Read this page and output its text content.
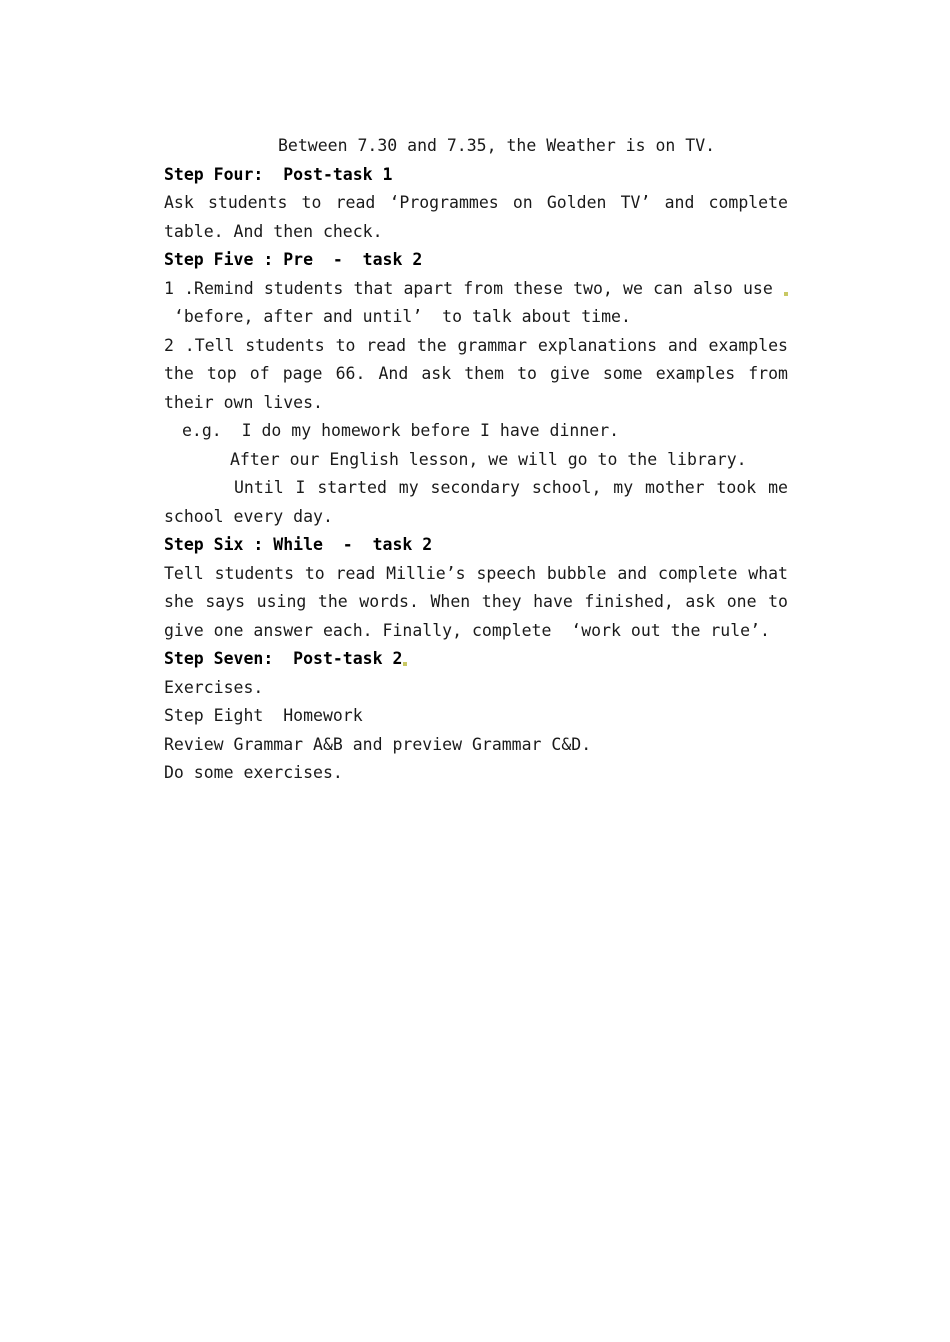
Between 7.30 and 7.35, the Weather is on TV.
Step Four:  Post-task 1
Ask students to read ‘Programmes on Golden TV’ and complete
table. And then check.
Step Five : Pre  -  task 2
1 .Remind students that apart from these two, we can also use
‘before, after and until’  to talk about time.
2 .Tell students to read the grammar explanations and examples
the top of page 66. And ask them to give some examples from
their own lives.
e.g.  I do my homework before I have dinner.
After our English lesson, we will go to the library.
Until I started my secondary school, my mother took me
school every day.
Step Six : While  -  task 2
Tell students to read Millie’s speech bubble and complete what
she says using the words. When they have finished, ask one to
give one answer each. Finally, complete  ‘work out the rule’.
Step Seven:  Post-task 2
Exercises.
Step Eight  Homework
Review Grammar A&B and preview Grammar C&D.
Do some exercises.
